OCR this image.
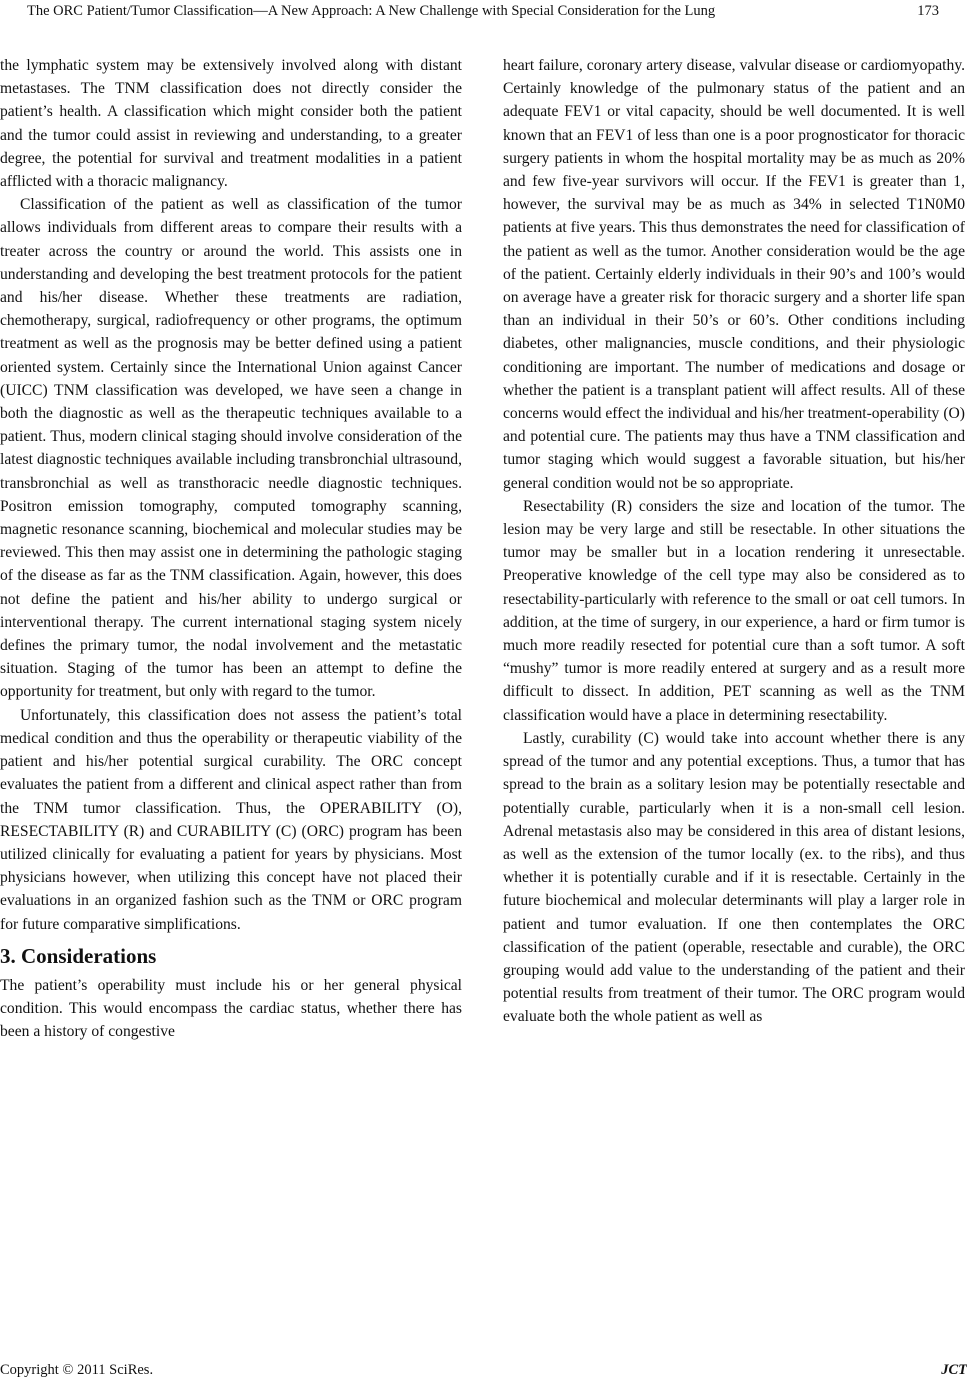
The ORC Patient/Tumor Classification—A New Approach: A New Challenge with Special Consideration for the Lung	173

the lymphatic system may be extensively involved along with distant metastases. The TNM classification does not directly consider the patient’s health. A classification which might consider both the patient and the tumor could assist in reviewing and understanding, to a greater degree, the potential for survival and treatment modalities in a patient afflicted with a thoracic malignancy.

Classification of the patient as well as classification of the tumor allows individuals from different areas to compare their results with a treater across the country or around the world. This assists one in understanding and developing the best treatment protocols for the patient and his/her disease. Whether these treatments are radiation, chemotherapy, surgical, radiofrequency or other programs, the optimum treatment as well as the prognosis may be better defined using a patient oriented system. Certainly since the International Union against Cancer (UICC) TNM classification was developed, we have seen a change in both the diagnostic as well as the therapeutic techniques available to a patient. Thus, modern clinical staging should involve consideration of the latest diagnostic techniques available including transbronchial ultrasound, transbronchial as well as transthoracic needle diagnostic techniques. Positron emission tomography, computed tomography scanning, magnetic resonance scanning, biochemical and molecular studies may be reviewed. This then may assist one in determining the pathologic staging of the disease as far as the TNM classification. Again, however, this does not define the patient and his/her ability to undergo surgical or interventional therapy. The current international staging system nicely defines the primary tumor, the nodal involvement and the metastatic situation. Staging of the tumor has been an attempt to define the opportunity for treatment, but only with regard to the tumor.

Unfortunately, this classification does not assess the patient’s total medical condition and thus the operability or therapeutic viability of the patient and his/her potential surgical curability. The ORC concept evaluates the patient from a different and clinical aspect rather than from the TNM tumor classification. Thus, the OPERABILITY (O), RESECTABILITY (R) and CURABILITY (C) (ORC) program has been utilized clinically for evaluating a patient for years by physicians. Most physicians however, when utilizing this concept have not placed their evaluations in an organized fashion such as the TNM or ORC program for future comparative simplifications.

3. Considerations

The patient’s operability must include his or her general physical condition. This would encompass the cardiac status, whether there has been a history of congestive

heart failure, coronary artery disease, valvular disease or cardiomyopathy. Certainly knowledge of the pulmonary status of the patient and an adequate FEV1 or vital capacity, should be well documented. It is well known that an FEV1 of less than one is a poor prognosticator for thoracic surgery patients in whom the hospital mortality may be as much as 20% and few five-year survivors will occur. If the FEV1 is greater than 1, however, the survival may be as much as 34% in selected T1N0M0 patients at five years. This thus demonstrates the need for classification of the patient as well as the tumor. Another consideration would be the age of the patient. Certainly elderly individuals in their 90’s and 100’s would on average have a greater risk for thoracic surgery and a shorter life span than an individual in their 50’s or 60’s. Other conditions including diabetes, other malignancies, muscle conditions, and their physiologic conditioning are important. The number of medications and dosage or whether the patient is a transplant patient will affect results. All of these concerns would effect the individual and his/her treatment-operability (O) and potential cure. The patients may thus have a TNM classification and tumor staging which would suggest a favorable situation, but his/her general condition would not be so appropriate.

Resectability (R) considers the size and location of the tumor. The lesion may be very large and still be resectable. In other situations the tumor may be smaller but in a location rendering it unresectable. Preoperative knowledge of the cell type may also be considered as to resectability-particularly with reference to the small or oat cell tumors. In addition, at the time of surgery, in our experience, a hard or firm tumor is much more readily resected for potential cure than a soft tumor. A soft “mushy” tumor is more readily entered at surgery and as a result more difficult to dissect. In addition, PET scanning as well as the TNM classification would have a place in determining resectability.

Lastly, curability (C) would take into account whether there is any spread of the tumor and any potential exceptions. Thus, a tumor that has spread to the brain as a solitary lesion may be potentially resectable and potentially curable, particularly when it is a non-small cell lesion. Adrenal metastasis also may be considered in this area of distant lesions, as well as the extension of the tumor locally (ex. to the ribs), and thus whether it is potentially curable and if it is resectable. Certainly in the future biochemical and molecular determinants will play a larger role in patient and tumor evaluation. If one then contemplates the ORC classification of the patient (operable, resectable and curable), the ORC grouping would add value to the understanding of the patient and their potential results from treatment of their tumor. The ORC program would evaluate both the whole patient as well as

Copyright © 2011 SciRes.	JCT
